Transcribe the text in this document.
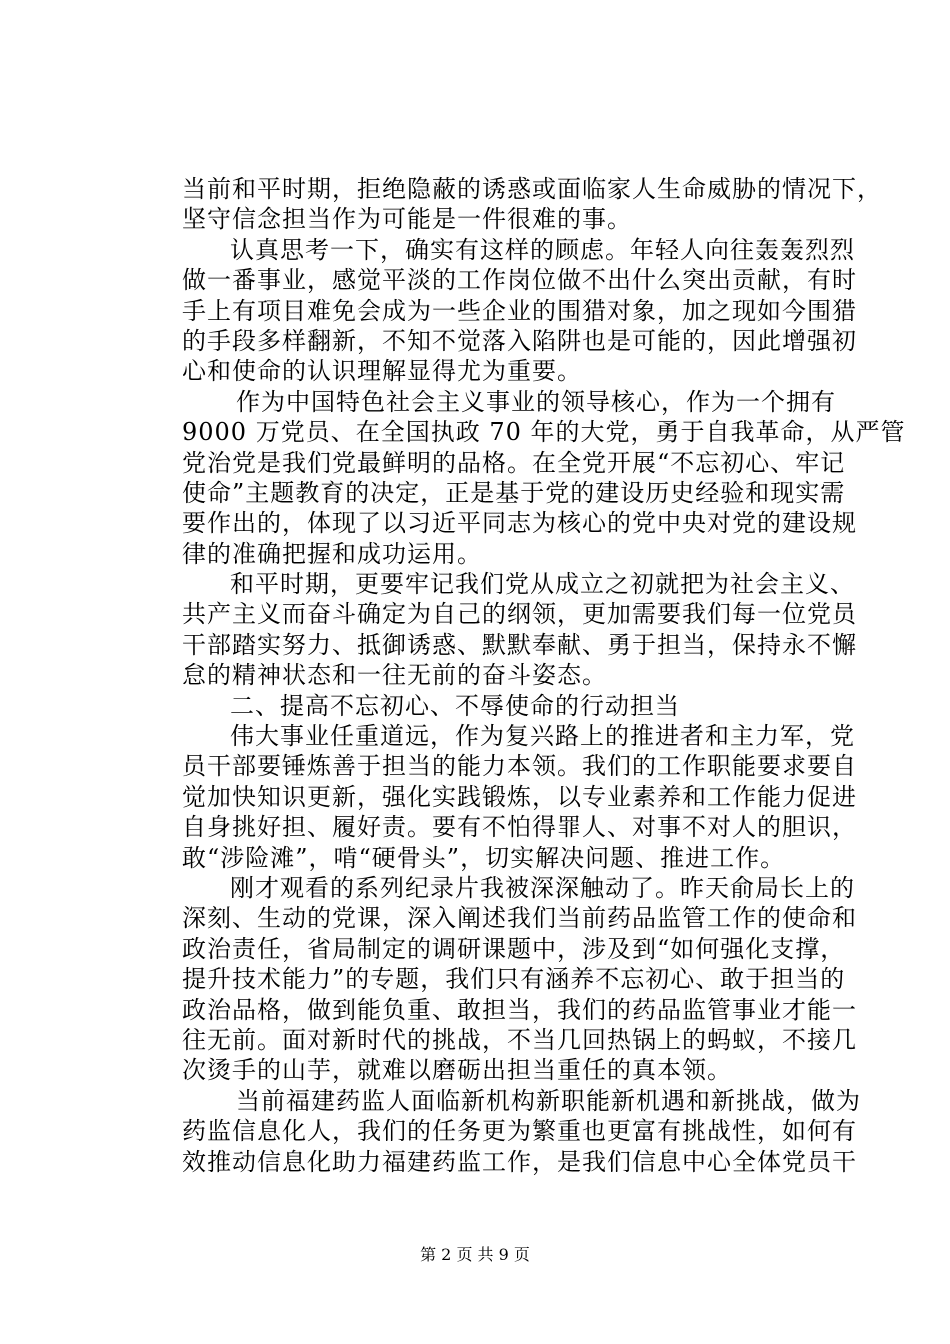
当前和平时期，拒绝隐蔽的诱惑或面临家人生命威胁的情况下，
坚守信念担当作为可能是一件很难的事。
认真思考一下，确实有这样的顾虑。年轻人向往轰轰烈烈
做一番事业，感觉平淡的工作岗位做不出什么突出贡献，有时
手上有项目难免会成为一些企业的围猎对象，加之现如今围猎
的手段多样翻新，不知不觉落入陷阱也是可能的，因此增强初
心和使命的认识理解显得尤为重要。
作为中国特色社会主义事业的领导核心，作为一个拥有
9000 万党员、在全国执政 70 年的大党，勇于自我革命，从严管
党治党是我们党最鲜明的品格。在全党开展“不忘初心、牢记
使命”主题教育的决定，正是基于党的建设历史经验和现实需
要作出的，体现了以习近平同志为核心的党中央对党的建设规
律的准确把握和成功运用。
和平时期，更要牢记我们党从成立之初就把为社会主义、
共产主义而奋斗确定为自己的纲领，更加需要我们每一位党员
干部踏实努力、抵御诱惑、默默奉献、勇于担当，保持永不懈
怠的精神状态和一往无前的奋斗姿态。
二、提高不忘初心、不辱使命的行动担当
伟大事业任重道远，作为复兴路上的推进者和主力军，党
员干部要锤炼善于担当的能力本领。我们的工作职能要求要自
觉加快知识更新，强化实践锻炼，以专业素养和工作能力促进
自身挑好担、履好责。要有不怕得罪人、对事不对人的胆识，
敢“涉险滩”，啃“硬骨头”，切实解决问题、推进工作。
刚才观看的系列纪录片我被深深触动了。昨天俞局长上的
深刻、生动的党课，深入阐述我们当前药品监管工作的使命和
政治责任，省局制定的调研课题中，涉及到“如何强化支撑，
提升技术能力”的专题，我们只有涵养不忘初心、敢于担当的
政治品格，做到能负重、敢担当，我们的药品监管事业才能一
往无前。面对新时代的挑战，不当几回热锅上的蚂蚁，不接几
次烫手的山芋，就难以磨砺出担当重任的真本领。
当前福建药监人面临新机构新职能新机遇和新挑战，做为
药监信息化人，我们的任务更为繁重也更富有挑战性，如何有
效推动信息化助力福建药监工作，是我们信息中心全体党员干
第 2 页 共 9 页
